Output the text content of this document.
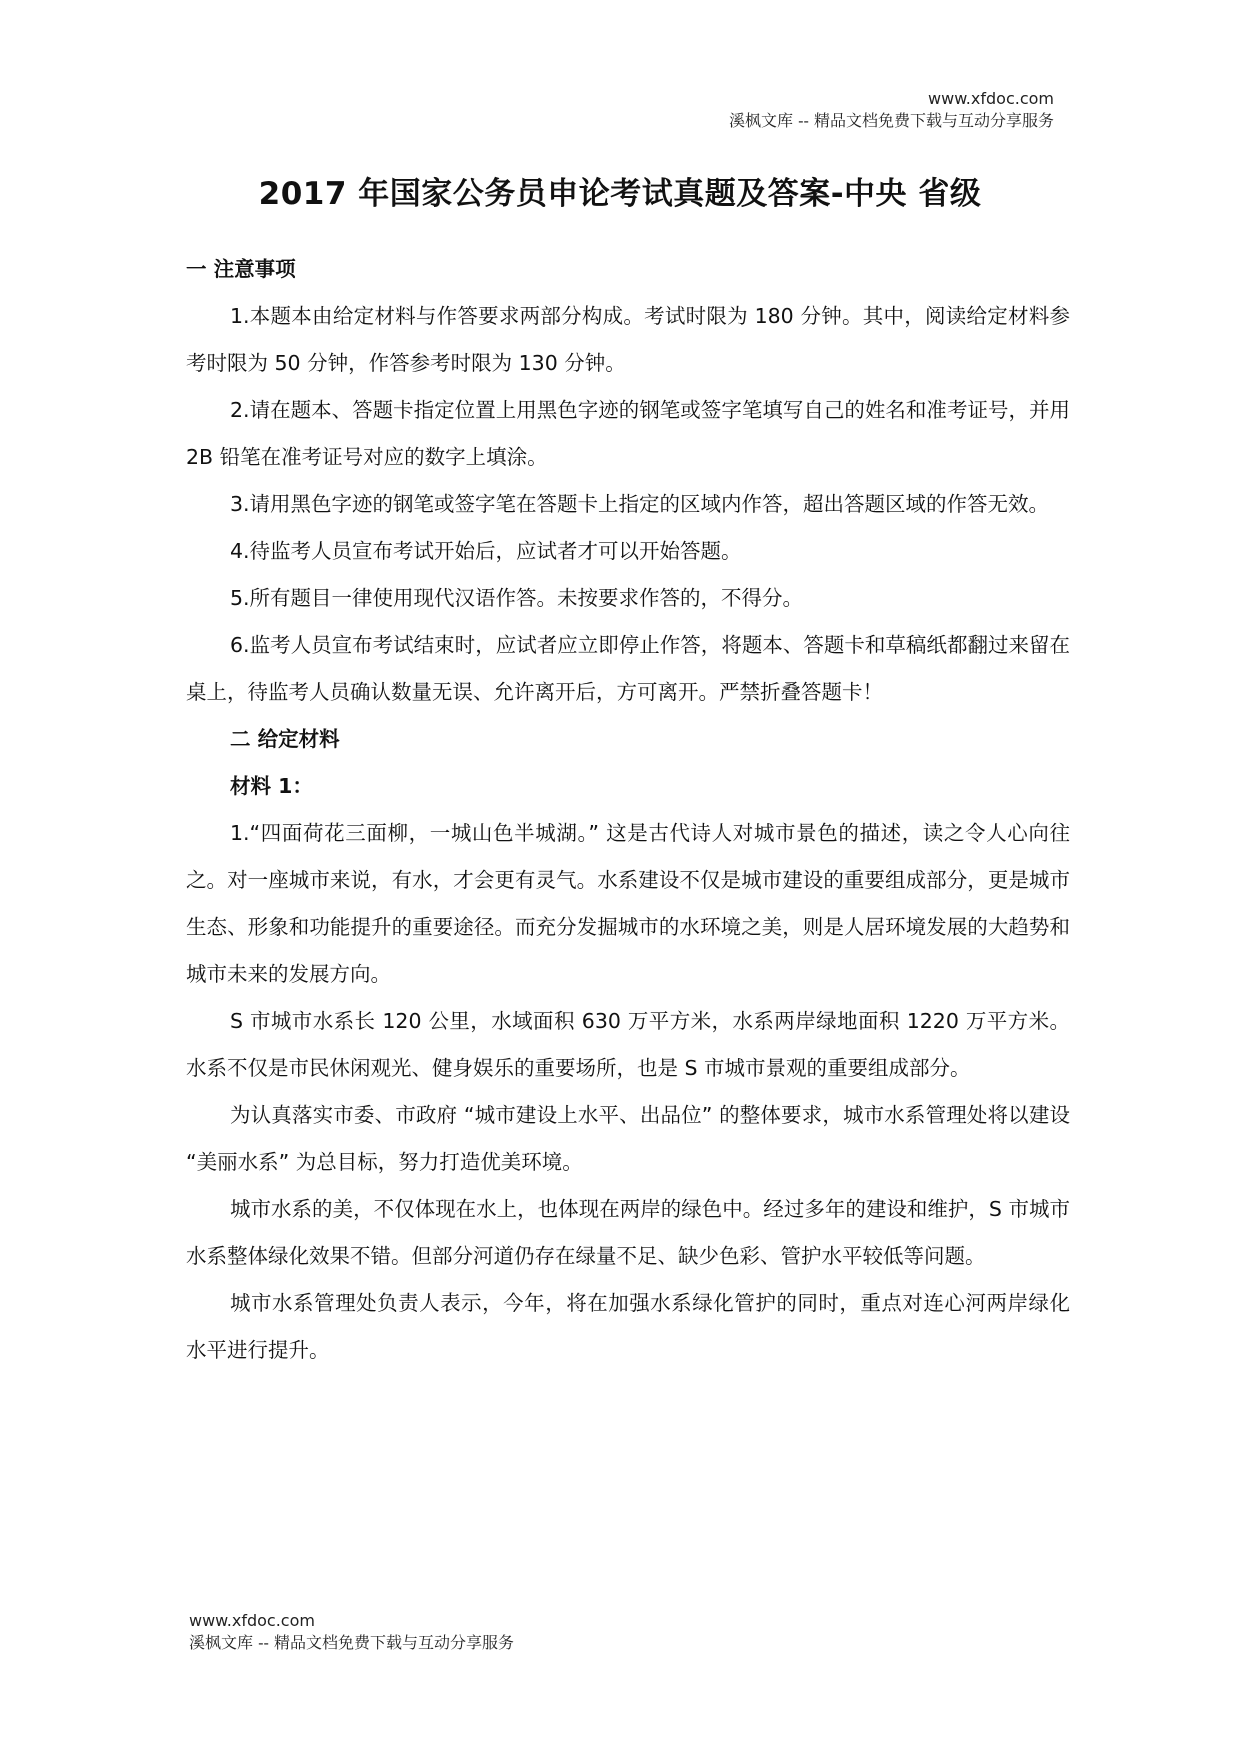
www.xfdoc.com
溪枫文库 -- 精品文档免费下载与互动分享服务
2017 年国家公务员申论考试真题及答案-中央 省级

一 注意事项

1.本题本由给定材料与作答要求两部分构成。考试时限为 180 分钟。其中，阅读给定材料参考时限为 50 分钟，作答参考时限为 130 分钟。

2.请在题本、答题卡指定位置上用黑色字迹的钢笔或签字笔填写自己的姓名和准考证号，并用 2B 铅笔在准考证号对应的数字上填涂。

3.请用黑色字迹的钢笔或签字笔在答题卡上指定的区域内作答，超出答题区域的作答无效。

4.待监考人员宣布考试开始后，应试者才可以开始答题。

5.所有题目一律使用现代汉语作答。未按要求作答的，不得分。

6.监考人员宣布考试结束时，应试者应立即停止作答，将题本、答题卡和草稿纸都翻过来留在桌上，待监考人员确认数量无误、允许离开后，方可离开。严禁折叠答题卡！

二 给定材料

材料 1：

1.“四面荷花三面柳，一城山色半城湖。” 这是古代诗人对城市景色的描述，读之令人心向往之。对一座城市来说，有水，才会更有灵气。水系建设不仅是城市建设的重要组成部分，更是城市生态、形象和功能提升的重要途径。而充分发掘城市的水环境之美，则是人居环境发展的大趋势和城市未来的发展方向。

S 市城市水系长 120 公里，水域面积 630 万平方米，水系两岸绿地面积 1220 万平方米。水系不仅是市民休闲观光、健身娱乐的重要场所，也是 S 市城市景观的重要组成部分。

为认真落实市委、市政府 “城市建设上水平、出品位” 的整体要求，城市水系管理处将以建设 “美丽水系” 为总目标，努力打造优美环境。

城市水系的美，不仅体现在水上，也体现在两岸的绿色中。经过多年的建设和维护，S 市城市水系整体绿化效果不错。但部分河道仍存在绿量不足、缺少色彩、管护水平较低等问题。

城市水系管理处负责人表示，今年，将在加强水系绿化管护的同时，重点对连心河两岸绿化水平进行提升。

www.xfdoc.com
溪枫文库 -- 精品文档免费下载与互动分享服务
